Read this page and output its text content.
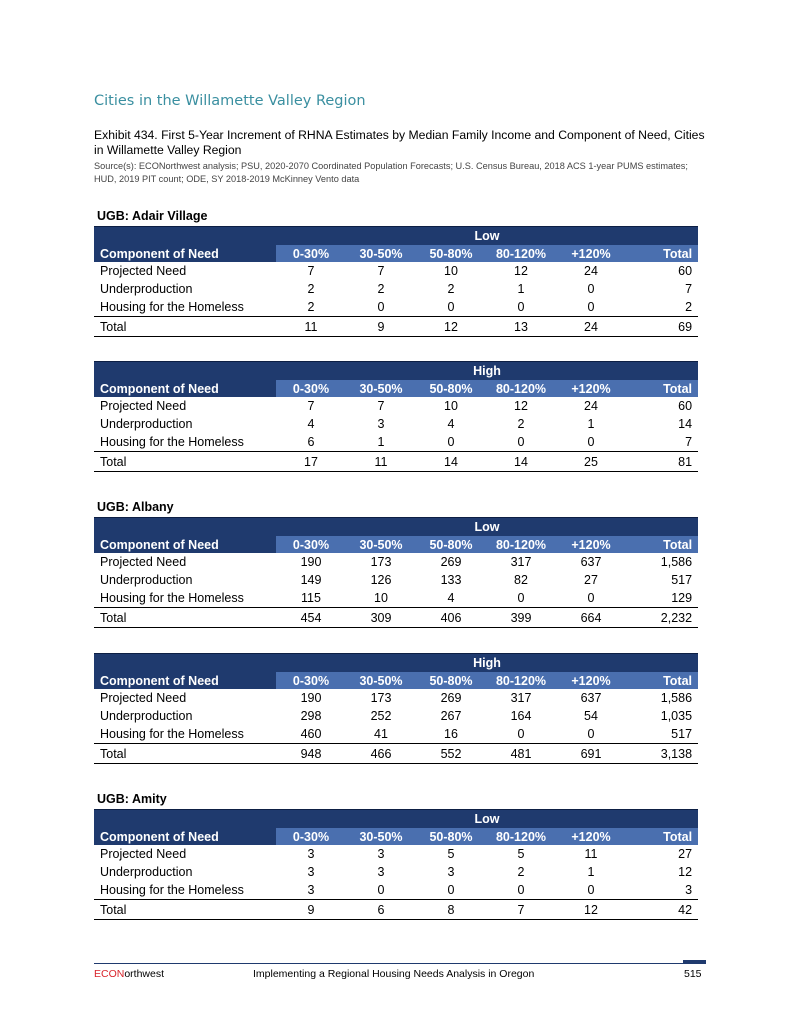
Cities in the Willamette Valley Region
Exhibit 434. First 5-Year Increment of RHNA Estimates by Median Family Income and Component of Need, Cities in Willamette Valley Region
Source(s): ECONorthwest analysis; PSU, 2020-2070 Coordinated Population Forecasts; U.S. Census Bureau, 2018 ACS 1-year PUMS estimates; HUD, 2019 PIT count; ODE, SY 2018-2019 McKinney Vento data
UGB: Adair Village
	Low					
Component of Need	0-30%	30-50%	50-80%	80-120%	+120%	Total
Projected Need	7	7	10	12	24	60
Underproduction	2	2	2	1	0	7
Housing for the Homeless	2	0	0	0	0	2
Total	11	9	12	13	24	69
	High					
Component of Need	0-30%	30-50%	50-80%	80-120%	+120%	Total
Projected Need	7	7	10	12	24	60
Underproduction	4	3	4	2	1	14
Housing for the Homeless	6	1	0	0	0	7
Total	17	11	14	14	25	81
UGB: Albany
	Low					
Component of Need	0-30%	30-50%	50-80%	80-120%	+120%	Total
Projected Need	190	173	269	317	637	1,586
Underproduction	149	126	133	82	27	517
Housing for the Homeless	115	10	4	0	0	129
Total	454	309	406	399	664	2,232
	High					
Component of Need	0-30%	30-50%	50-80%	80-120%	+120%	Total
Projected Need	190	173	269	317	637	1,586
Underproduction	298	252	267	164	54	1,035
Housing for the Homeless	460	41	16	0	0	517
Total	948	466	552	481	691	3,138
UGB: Amity
	Low					
Component of Need	0-30%	30-50%	50-80%	80-120%	+120%	Total
Projected Need	3	3	5	5	11	27
Underproduction	3	3	3	2	1	12
Housing for the Homeless	3	0	0	0	0	3
Total	9	6	8	7	12	42
ECONorthwest	Implementing a Regional Housing Needs Analysis in Oregon	515
